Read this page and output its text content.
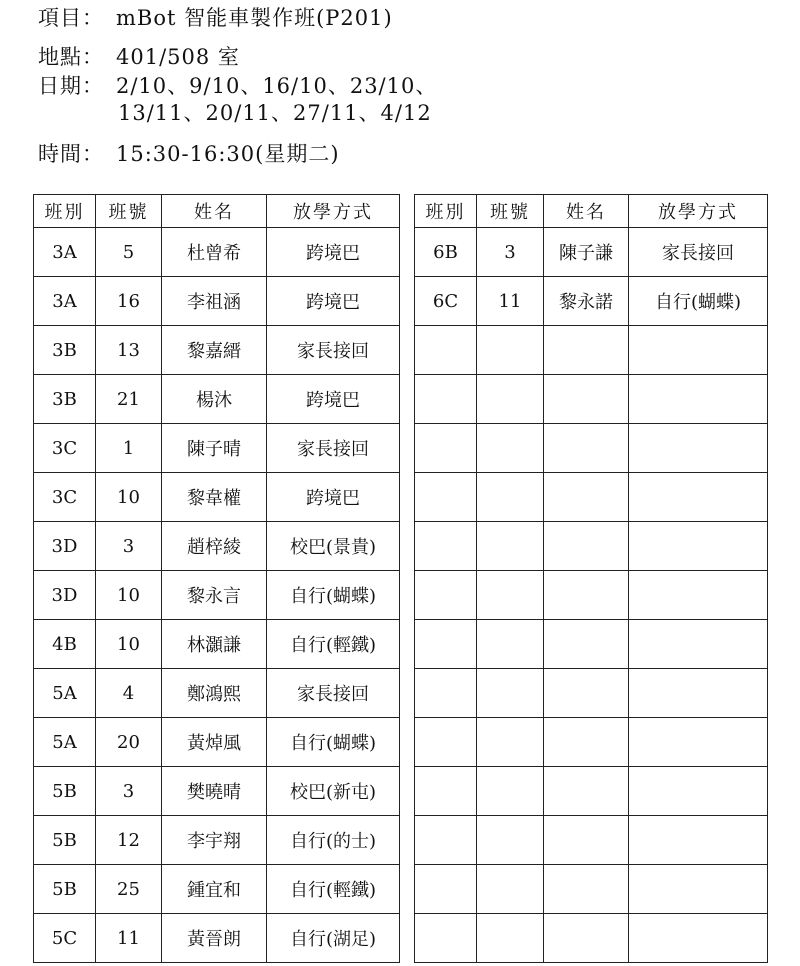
項目： mBot 智能車製作班(P201)
地點： 401/508 室
日期： 2/10、9/10、16/10、23/10、
13/11、20/11、27/11、4/12
時間： 15:30-16:30(星期二)
班別	班號	姓名	放學方式
3A	5	杜曾希	跨境巴
3A	16	李祖涵	跨境巴
3B	13	黎嘉縉	家長接回
3B	21	楊沐	跨境巴
3C	1	陳子晴	家長接回
3C	10	黎韋權	跨境巴
3D	3	趙梓綾	校巴(景貴)
3D	10	黎永言	自行(蝴蝶)
4B	10	林灝謙	自行(輕鐵)
5A	4	鄭鴻熙	家長接回
5A	20	黃焯風	自行(蝴蝶)
5B	3	樊曉晴	校巴(新屯)
5B	12	李宇翔	自行(的士)
5B	25	鍾宜和	自行(輕鐵)
5C	11	黃晉朗	自行(湖足)
班別	班號	姓名	放學方式
6B	3	陳子謙	家長接回
6C	11	黎永諾	自行(蝴蝶)
